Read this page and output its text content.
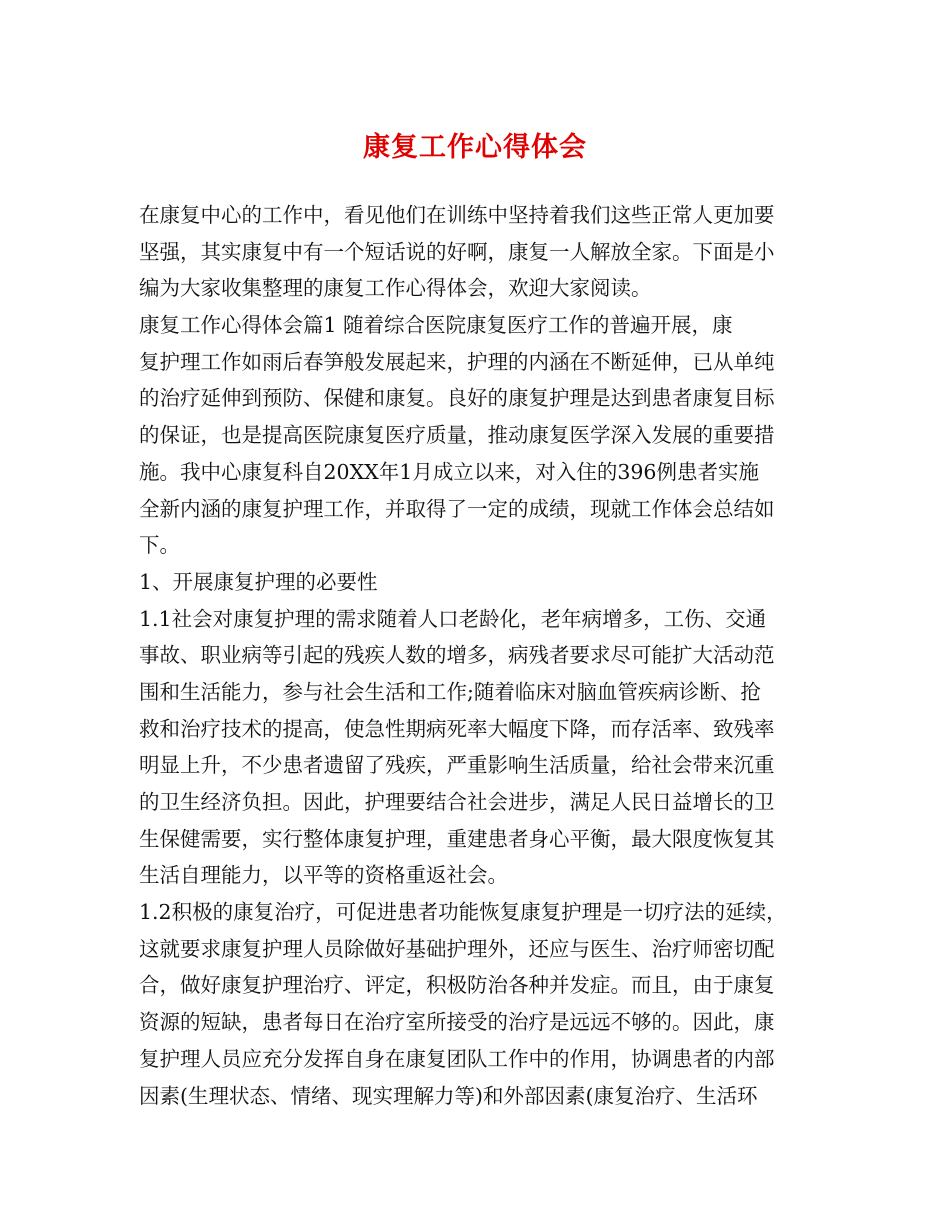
康复工作心得体会
在康复中心的工作中，看见他们在训练中坚持着我们这些正常人更加要
坚强，其实康复中有一个短话说的好啊，康复一人解放全家。下面是小
编为大家收集整理的康复工作心得体会，欢迎大家阅读。
康复工作心得体会篇1 随着综合医院康复医疗工作的普遍开展，康
复护理工作如雨后春笋般发展起来，护理的内涵在不断延伸，已从单纯
的治疗延伸到预防、保健和康复。良好的康复护理是达到患者康复目标
的保证，也是提高医院康复医疗质量，推动康复医学深入发展的重要措
施。我中心康复科自20XX年1月成立以来，对入住的396例患者实施
全新内涵的康复护理工作，并取得了一定的成绩，现就工作体会总结如
下。
1、开展康复护理的必要性
1.1社会对康复护理的需求随着人口老龄化，老年病增多，工伤、交通
事故、职业病等引起的残疾人数的增多，病残者要求尽可能扩大活动范
围和生活能力，参与社会生活和工作;随着临床对脑血管疾病诊断、抢
救和治疗技术的提高，使急性期病死率大幅度下降，而存活率、致残率
明显上升，不少患者遗留了残疾，严重影响生活质量，给社会带来沉重
的卫生经济负担。因此，护理要结合社会进步，满足人民日益增长的卫
生保健需要，实行整体康复护理，重建患者身心平衡，最大限度恢复其
生活自理能力，以平等的资格重返社会。
1.2积极的康复治疗，可促进患者功能恢复康复护理是一切疗法的延续，
这就要求康复护理人员除做好基础护理外，还应与医生、治疗师密切配
合，做好康复护理治疗、评定，积极防治各种并发症。而且，由于康复
资源的短缺，患者每日在治疗室所接受的治疗是远远不够的。因此，康
复护理人员应充分发挥自身在康复团队工作中的作用，协调患者的内部
因素(生理状态、情绪、现实理解力等)和外部因素(康复治疗、生活环
